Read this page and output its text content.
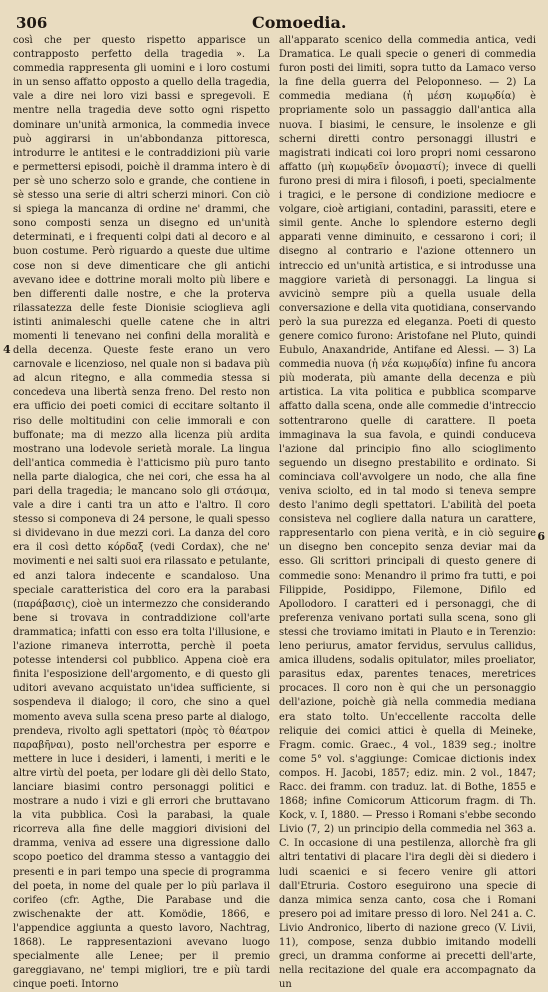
306	Comoedia.
4
6

così che per questo rispetto apparisce un contrapposto perfetto della tragedia ». La commedia rappresenta gli uomini e i loro costumi in un senso affatto opposto a quello della tragedia, vale a dire nei loro vizi bassi e spregevoli. E mentre nella tragedia deve sotto ogni rispetto dominare un'unità armonica, la commedia invece può aggirarsi in un'abbondanza pittoresca, introdurre le antitesi e le contraddizioni più varie e permettersi episodi, poichè il dramma intero è di per sè uno scherzo solo e grande, che contiene in sè stesso una serie di altri scherzi minori. Con ciò si spiega la mancanza di ordine ne' drammi, che sono composti senza un disegno ed un'unità determinati, e i frequenti colpi dati al decoro e al buon costume. Però riguardo a queste due ultime cose non si deve dimenticare che gli antichi avevano idee e dottrine morali molto più libere e ben differenti dalle nostre, e che la proterva rilassatezza delle feste Dionisie scioglieva agli istinti animaleschi quelle catene che in altri momenti li tenevano nei confini della moralità e della decenza. Queste feste erano un vero carnovale e licenzioso, nel quale non si badava più ad alcun ritegno, e alla commedia stessa si concedeva una libertà senza freno. Del resto non era ufficio dei poeti comici di eccitare soltanto il riso delle moltitudini con celie immorali e con buffonate; ma di mezzo alla licenza più ardita mostrano una lodevole serietà morale. La lingua dell'antica commedia è l'atticismo più puro tanto nella parte dialogica, che nei cori, che essa ha al pari della tragedia; le mancano solo gli στάσιμα, vale a dire i canti tra un atto e l'altro. Il coro stesso si componeva di 24 persone, le quali spesso si dividevano in due mezzi cori. La danza del coro era il così detto κόρδαξ (vedi Cordax), che ne' movimenti e nei salti suoi era rilassato e petulante, ed anzi talora indecente e scandaloso. Una speciale caratteristica del coro era la parabasi (παράβασις), cioè un intermezzo che considerando bene si trovava in contraddizione coll'arte drammatica; infatti con esso era tolta l'illusione, e l'azione rimaneva interrotta, perchè il poeta potesse intendersi col pubblico. Appena cioè era finita l'esposizione dell'argomento, e di questo gli uditori avevano acquistato un'idea sufficiente, si sospendeva il dialogo; il coro, che sino a quel momento aveva sulla scena preso parte al dialogo, prendeva, rivolto agli spettatori (πρὸς τὸ θέατρον παραβῆναι), posto nell'orchestra per esporre e mettere in luce i desideri, i lamenti, i meriti e le altre virtù del poeta, per lodare gli dèi dello Stato, lanciare biasimi contro personaggi politici e mostrare a nudo i vizi e gli errori che bruttavano la vita pubblica. Così la parabasi, la quale ricorreva alla fine delle maggiori divisioni del dramma, veniva ad essere una digressione dallo scopo poetico del dramma stesso a vantaggio dei presenti e in pari tempo una specie di programma del poeta, in nome del quale per lo più parlava il corifeo (cfr. Agthe, Die Parabase und die zwischenakte der att. Komödie, 1866, e l'appendice aggiunta a questo lavoro, Nachtrag, 1868). Le rappresentazioni avevano luogo specialmente alle Lenee; per il premio gareggiavano, ne' tempi migliori, tre e più tardi cinque poeti. Intorno

all'apparato scenico della commedia antica, vedi Dramatica. Le quali specie o generi di commedia furon posti dei limiti, sopra tutto da Lamaco verso la fine della guerra del Peloponneso. — 2) La commedia mediana (ἡ μέση κωμῳδία) è propriamente solo un passaggio dall'antica alla nuova. I biasimi, le censure, le insolenze e gli scherni diretti contro personaggi illustri e magistrati indicati coi loro propri nomi cessarono affatto (μὴ κωμῳδεῖν ὀνομαστί); invece di quelli furono presi di mira i filosofi, i poeti, specialmente i tragici, e le persone di condizione mediocre e volgare, cioè artigiani, contadini, parassiti, etere e simil gente. Anche lo splendore esterno degli apparati venne diminuito, e cessarono i cori; il disegno al contrario e l'azione ottennero un intreccio ed un'unità artistica, e si introdusse una maggiore varietà di personaggi. La lingua si avvicinò sempre più a quella usuale della conversazione e della vita quotidiana, conservando però la sua purezza ed eleganza. Poeti di questo genere comico furono: Aristofane nel Pluto, quindi Eubulo, Anaxandride, Antifane ed Alessi. — 3) La commedia nuova (ἡ νέα κωμῳδία) infine fu ancora più moderata, più amante della decenza e più artistica. La vita politica e pubblica scomparve affatto dalla scena, onde alle commedie d'intreccio sottentrarono quelle di carattere. Il poeta immaginava la sua favola, e quindi conduceva l'azione dal principio fino allo scioglimento seguendo un disegno prestabilito e ordinato. Si cominciava coll'avvolgere un nodo, che alla fine veniva sciolto, ed in tal modo si teneva sempre desto l'animo degli spettatori. L'abilità del poeta consisteva nel cogliere dalla natura un carattere, rappresentarlo con piena verità, e in ciò seguire un disegno ben concepito senza deviar mai da esso. Gli scrittori principali di questo genere di commedie sono: Menandro il primo fra tutti, e poi Filippide, Posidippo, Filemone, Difilo ed Apollodoro. I caratteri ed i personaggi, che di preferenza venivano portati sulla scena, sono gli stessi che troviamo imitati in Plauto e in Terenzio: leno periurus, amator fervidus, servulus callidus, amica illudens, sodalis opitulator, miles proeliator, parasitus edax, parentes tenaces, meretrices procaces. Il coro non è qui che un personaggio dell'azione, poichè già nella commedia mediana era stato tolto. Un'eccellente raccolta delle reliquie dei comici attici è quella di Meineke, Fragm. comic. Graec., 4 vol., 1839 seg.; inoltre come 5° vol. s'aggiunge: Comicae dictionis index compos. H. Jacobi, 1857; ediz. min. 2 vol., 1847; Racc. dei framm. con traduz. lat. di Bothe, 1855 e 1868; infine Comicorum Atticorum fragm. di Th. Kock, v. I, 1880. — Presso i Romani s'ebbe secondo Livio (7, 2) un principio della commedia nel 363 a. C. In occasione di una pestilenza, allorchè fra gli altri tentativi di placare l'ira degli dèi si diedero i ludi scaenici e si fecero venire gli attori dall'Etruria. Costoro eseguirono una specie di danza mimica senza canto, cosa che i Romani presero poi ad imitare presso di loro. Nel 241 a. C. Livio Andronico, liberto di nazione greco (V. Livii, 11), compose, senza dubbio imitando modelli greci, un dramma conforme ai precetti dell'arte, nella recitazione del quale era accompagnato da un
